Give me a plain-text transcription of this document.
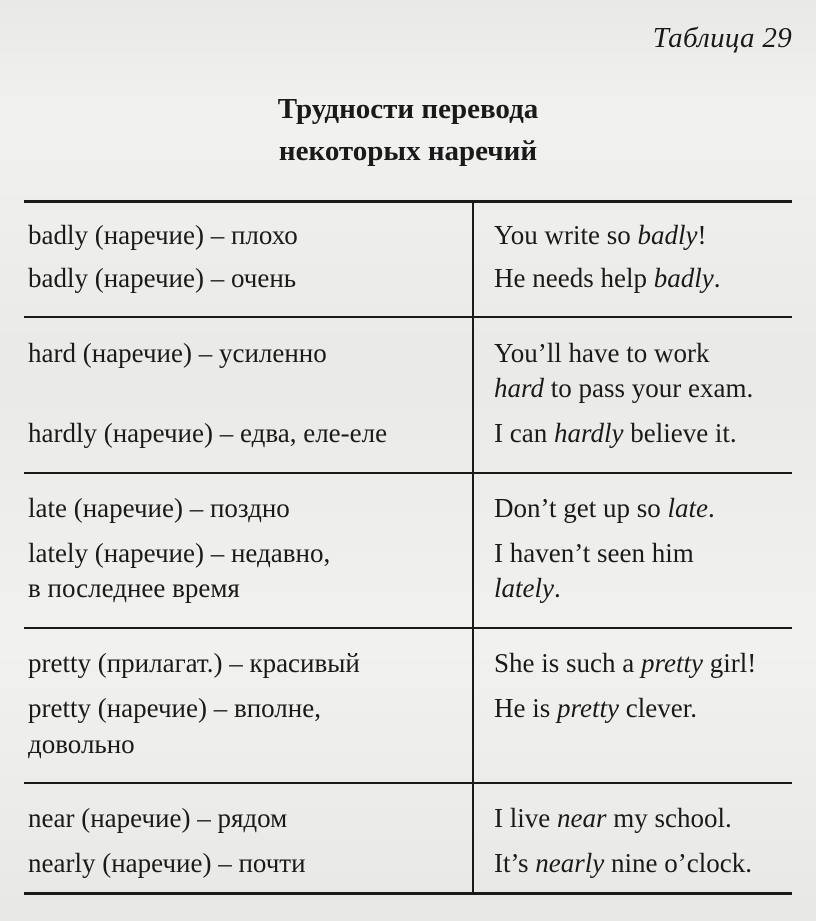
Таблица 29
Трудности перевода
некоторых наречий
badly (наречие) – плохо
badly (наречие) – очень
You write so badly!
He needs help badly.
hard (наречие) – усиленно
hardly (наречие) – едва, еле-еле
You’ll have to work
hard to pass your exam.
I can hardly believe it.
late (наречие) – поздно
lately (наречие) – недавно,
в последнее время
Don’t get up so late.
I haven’t seen him
lately.
pretty (прилагат.) – красивый
pretty (наречие) – вполне,
довольно
She is such a pretty girl!
He is pretty clever.
near (наречие) – рядом
nearly (наречие) – почти
I live near my school.
It’s nearly nine o’clock.
